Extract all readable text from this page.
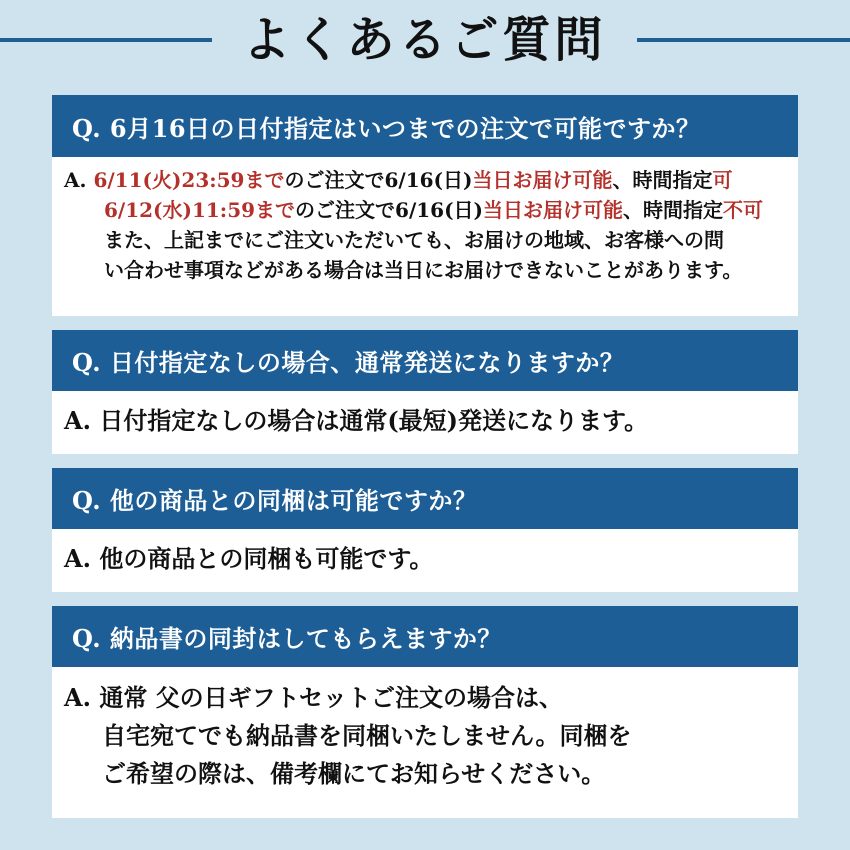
よくあるご質問
Q. 6月16日の日付指定はいつまでの注文で可能ですか？
A. 6/11(火)23:59までのご注文で6/16(日)当日お届け可能、時間指定可
6/12(水)11:59までのご注文で6/16(日)当日お届け可能、時間指定不可
また、上記までにご注文いただいても、お届けの地域、お客様への問
い合わせ事項などがある場合は当日にお届けできないことがあります。
Q. 日付指定なしの場合、通常発送になりますか？
A. 日付指定なしの場合は通常(最短)発送になります。
Q. 他の商品との同梱は可能ですか？
A. 他の商品との同梱も可能です。
Q. 納品書の同封はしてもらえますか？
A. 通常 父の日ギフトセットご注文の場合は、
自宅宛てでも納品書を同梱いたしません。同梱を
ご希望の際は、備考欄にてお知らせください。
